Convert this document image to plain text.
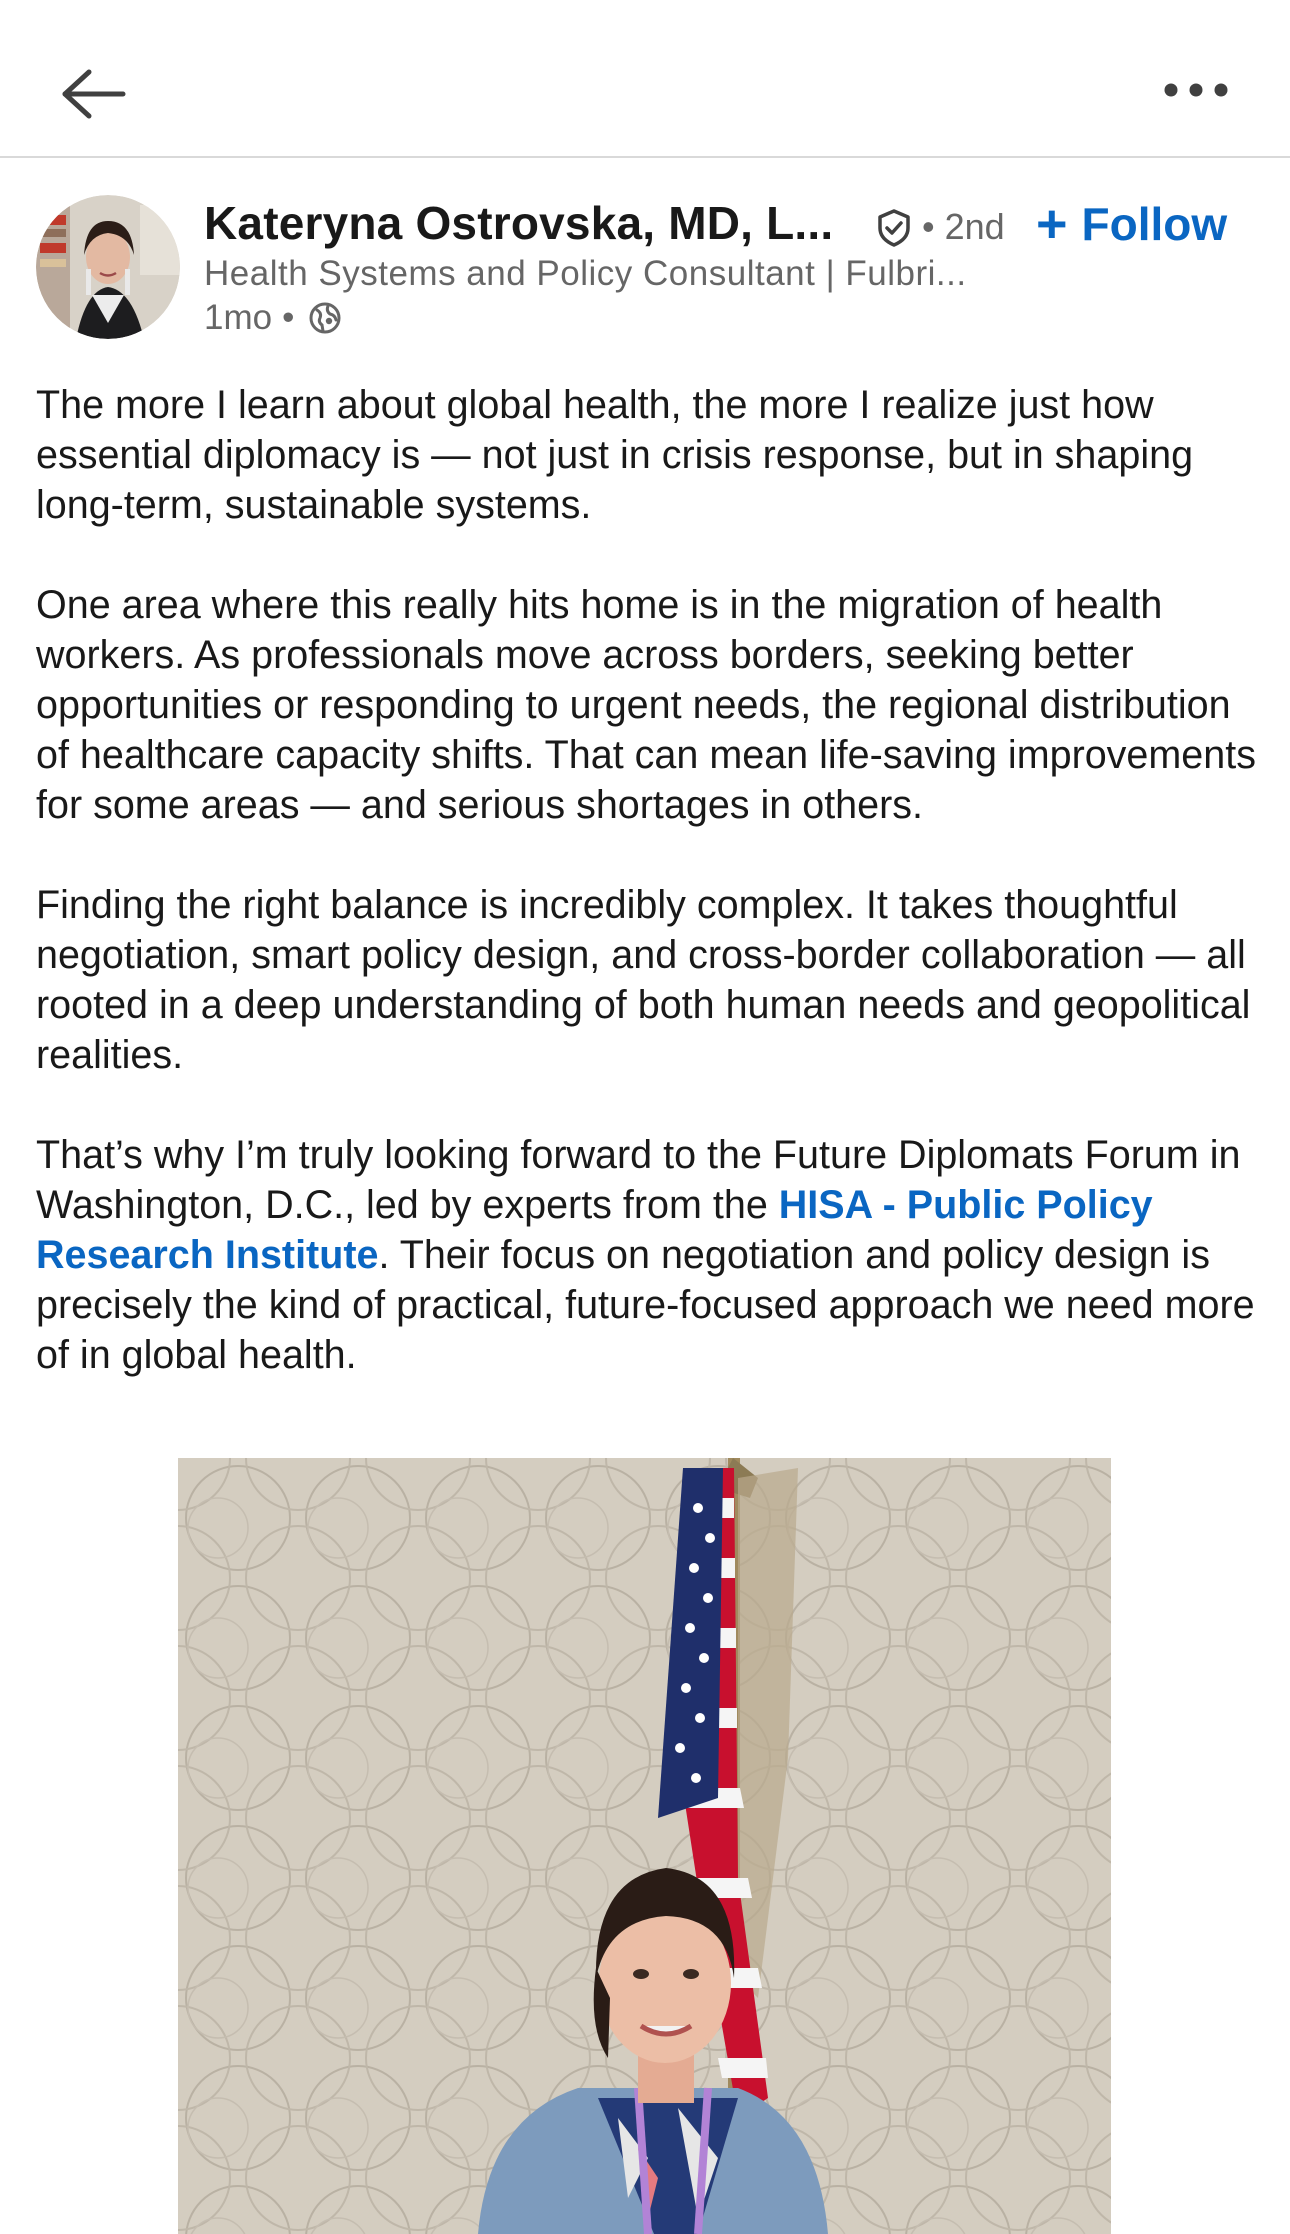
Kateryna Ostrovska, MD, L... • 2nd + Follow
Health Systems and Policy Consultant | Fulbri...
1mo •

The more I learn about global health, the more I realize just how essential diplomacy is — not just in crisis response, but in shaping long-term, sustainable systems.

One area where this really hits home is in the migration of health workers. As professionals move across borders, seeking better opportunities or responding to urgent needs, the regional distribution of healthcare capacity shifts. That can mean life-saving improvements for some areas — and serious shortages in others.

Finding the right balance is incredibly complex. It takes thoughtful negotiation, smart policy design, and cross-border collaboration — all rooted in a deep understanding of both human needs and geopolitical realities.

That’s why I’m truly looking forward to the Future Diplomats Forum in Washington, D.C., led by experts from the HISA - Public Policy Research Institute. Their focus on negotiation and policy design is precisely the kind of practical, future-focused approach we need more of in global health.
